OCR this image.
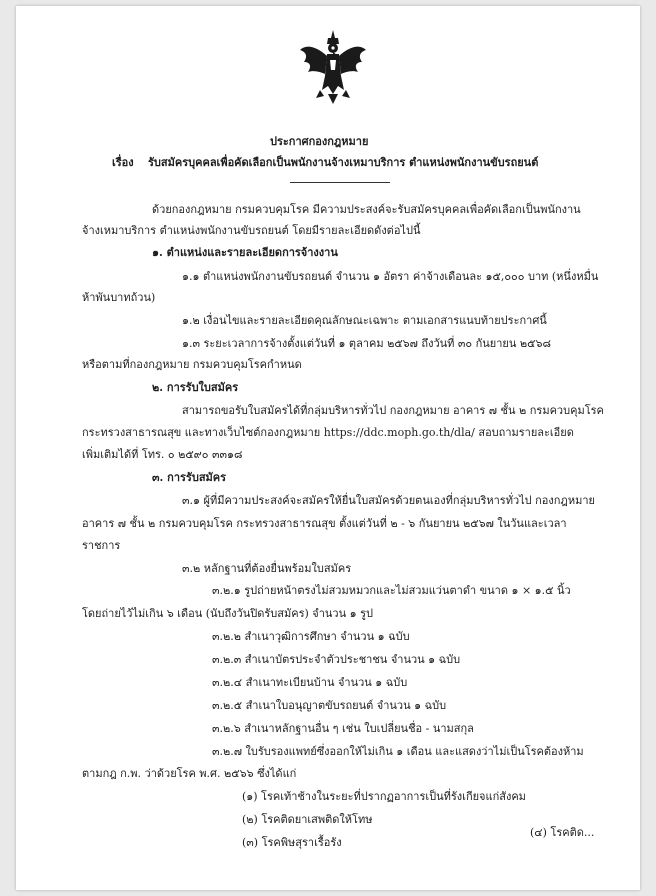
ประกาศกองกฎหมาย
เรื่อง รับสมัครบุคคลเพื่อคัดเลือกเป็นพนักงานจ้างเหมาบริการ ตำแหน่งพนักงานขับรถยนต์
ด้วยกองกฎหมาย กรมควบคุมโรค มีความประสงค์จะรับสมัครบุคคลเพื่อคัดเลือกเป็นพนักงาน
จ้างเหมาบริการ ตำแหน่งพนักงานขับรถยนต์ โดยมีรายละเอียดดังต่อไปนี้
๑. ตำแหน่งและรายละเอียดการจ้างงาน
๑.๑ ตำแหน่งพนักงานขับรถยนต์ จำนวน ๑ อัตรา ค่าจ้างเดือนละ ๑๕,๐๐๐ บาท (หนึ่งหมื่น
ห้าพันบาทถ้วน)
๑.๒ เงื่อนไขและรายละเอียดคุณลักษณะเฉพาะ ตามเอกสารแนบท้ายประกาศนี้
๑.๓ ระยะเวลาการจ้างตั้งแต่วันที่ ๑ ตุลาคม ๒๕๖๗ ถึงวันที่ ๓๐ กันยายน ๒๕๖๘
หรือตามที่กองกฎหมาย กรมควบคุมโรคกำหนด
๒. การรับใบสมัคร
สามารถขอรับใบสมัครได้ที่กลุ่มบริหารทั่วไป กองกฎหมาย อาคาร ๗ ชั้น ๒ กรมควบคุมโรค
กระทรวงสาธารณสุข และทางเว็บไซต์กองกฎหมาย https://ddc.moph.go.th/dla/ สอบถามรายละเอียด
เพิ่มเติมได้ที่ โทร. ๐ ๒๕๙๐ ๓๓๑๘
๓. การรับสมัคร
๓.๑ ผู้ที่มีความประสงค์จะสมัครให้ยื่นใบสมัครด้วยตนเองที่กลุ่มบริหารทั่วไป กองกฎหมาย
อาคาร ๗ ชั้น ๒ กรมควบคุมโรค กระทรวงสาธารณสุข ตั้งแต่วันที่ ๒ - ๖ กันยายน ๒๕๖๗ ในวันและเวลา
ราชการ
๓.๒ หลักฐานที่ต้องยื่นพร้อมใบสมัคร
๓.๒.๑ รูปถ่ายหน้าตรงไม่สวมหมวกและไม่สวมแว่นตาดำ ขนาด ๑ × ๑.๕ นิ้ว
โดยถ่ายไว้ไม่เกิน ๖ เดือน (นับถึงวันปิดรับสมัคร) จำนวน ๑ รูป
๓.๒.๒ สำเนาวุฒิการศึกษา จำนวน ๑ ฉบับ
๓.๒.๓ สำเนาบัตรประจำตัวประชาชน จำนวน ๑ ฉบับ
๓.๒.๔ สำเนาทะเบียนบ้าน จำนวน ๑ ฉบับ
๓.๒.๕ สำเนาใบอนุญาตขับรถยนต์ จำนวน ๑ ฉบับ
๓.๒.๖ สำเนาหลักฐานอื่น ๆ เช่น ใบเปลี่ยนชื่อ - นามสกุล
๓.๒.๗ ใบรับรองแพทย์ซึ่งออกให้ไม่เกิน ๑ เดือน และแสดงว่าไม่เป็นโรคต้องห้าม
ตามกฎ ก.พ. ว่าด้วยโรค พ.ศ. ๒๕๖๖ ซึ่งได้แก่
(๑) โรคเท้าช้างในระยะที่ปรากฏอาการเป็นที่รังเกียจแก่สังคม
(๒) โรคติดยาเสพติดให้โทษ
(๓) โรคพิษสุราเรื้อรัง
(๔) โรคติด...
